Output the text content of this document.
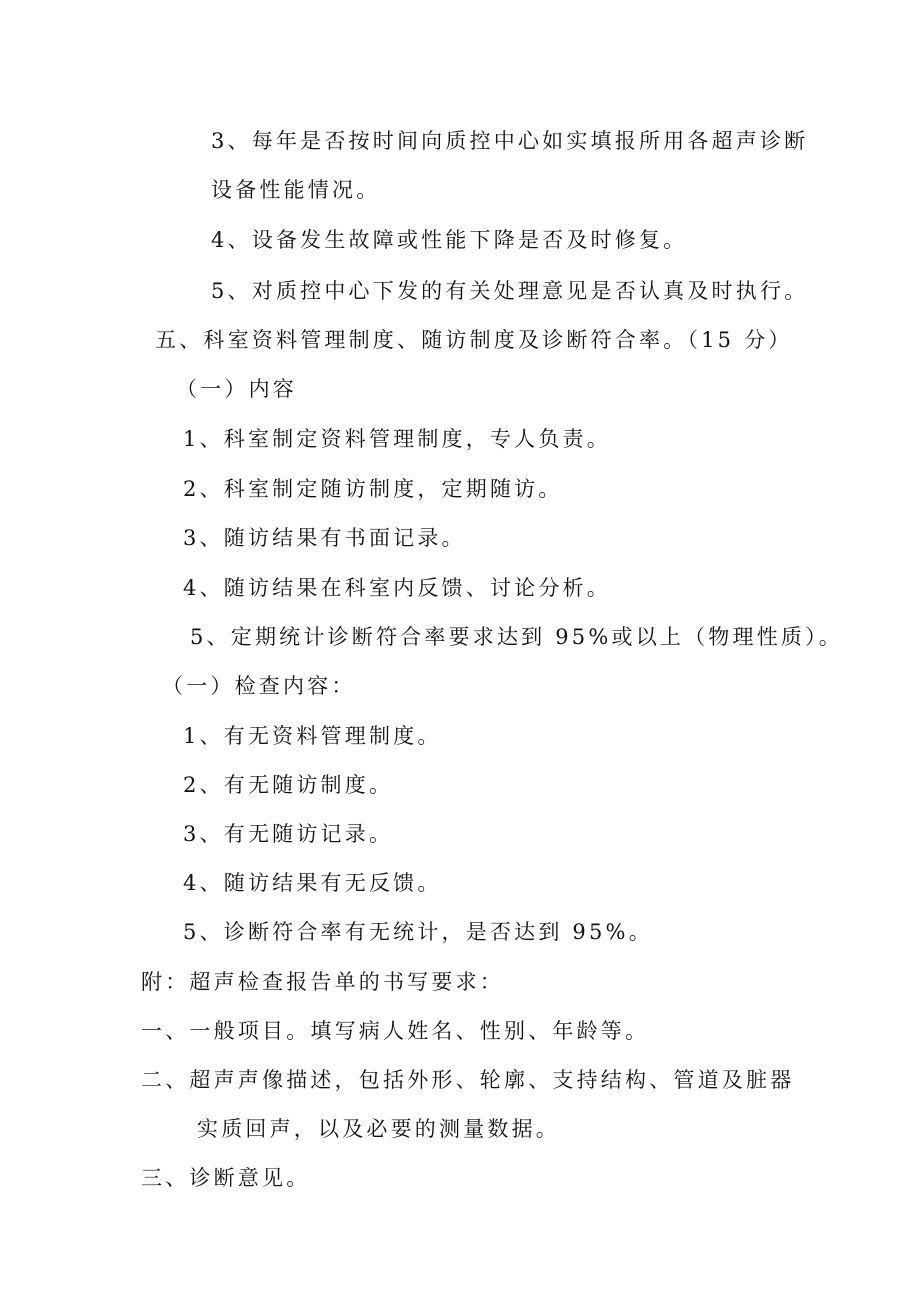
3、每年是否按时间向质控中心如实填报所用各超声诊断
设备性能情况。
4、设备发生故障或性能下降是否及时修复。
5、对质控中心下发的有关处理意见是否认真及时执行。
五、科室资料管理制度、随访制度及诊断符合率。（15 分）
（一）内容
1、科室制定资料管理制度，专人负责。
2、科室制定随访制度，定期随访。
3、随访结果有书面记录。
4、随访结果在科室内反馈、讨论分析。
5、定期统计诊断符合率要求达到 95%或以上（物理性质）。
（一）检查内容：
1、有无资料管理制度。
2、有无随访制度。
3、有无随访记录。
4、随访结果有无反馈。
5、诊断符合率有无统计，是否达到 95%。
附：超声检查报告单的书写要求：
一、一般项目。填写病人姓名、性别、年龄等。
二、超声声像描述，包括外形、轮廓、支持结构、管道及脏器
实质回声，以及必要的测量数据。
三、诊断意见。
